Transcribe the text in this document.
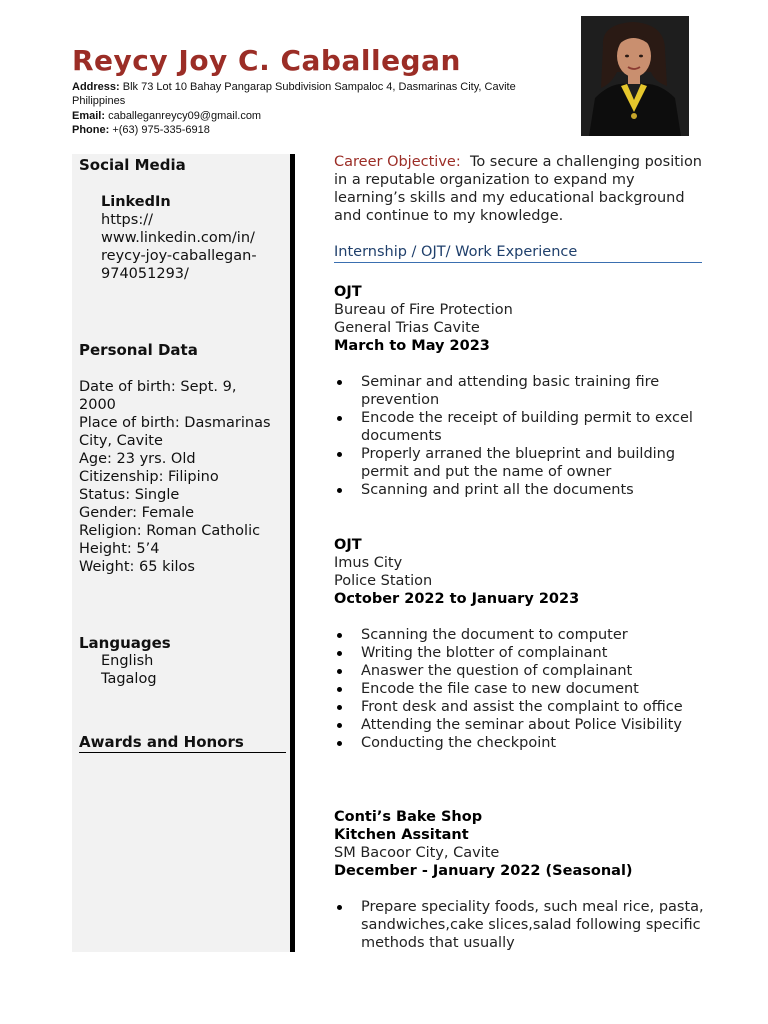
Reycy Joy C. Caballegan

Address: Blk 73 Lot 10 Bahay Pangarap Subdivision Sampaloc 4, Dasmarinas City, Cavite Philippines

Email: caballeganreycy09@gmail.com

Phone: +(63) 975-335-6918

Social Media
LinkedIn
https://
www.linkedin.com/in/
reycy-joy-caballegan-
974051293/
Personal Data
Date of birth: Sept. 9,
2000
Place of birth: Dasmarinas
City, Cavite
Age: 23 yrs. Old
Citizenship: Filipino
Status: Single
Gender: Female
Religion: Roman Catholic
Height: 5’4
Weight: 65 kilos
Languages
English
Tagalog
Awards and Honors
Career Objective: To secure a challenging position in a reputable organization to expand my learning’s skills and my educational background and continue to my knowledge.
Internship / OJT/ Work Experience
OJT
Bureau of Fire Protection
General Trias Cavite
March to May 2023
Seminar and attending basic training fire prevention
Encode the receipt of building permit to excel documents
Properly arraned the blueprint and building permit and put the name of owner
Scanning and print all the documents
OJT
Imus City
Police Station
October 2022 to January 2023
Scanning the document to computer
Writing the blotter of complainant
Anaswer the question of complainant
Encode the file case to new document
Front desk and assist the complaint to office
Attending the seminar about Police Visibility
Conducting the checkpoint
Conti’s Bake Shop
Kitchen Assitant
SM Bacoor City, Cavite
December - January 2022 (Seasonal)
Prepare speciality foods, such meal rice, pasta, sandwiches,cake slices,salad following specific methods that usually
